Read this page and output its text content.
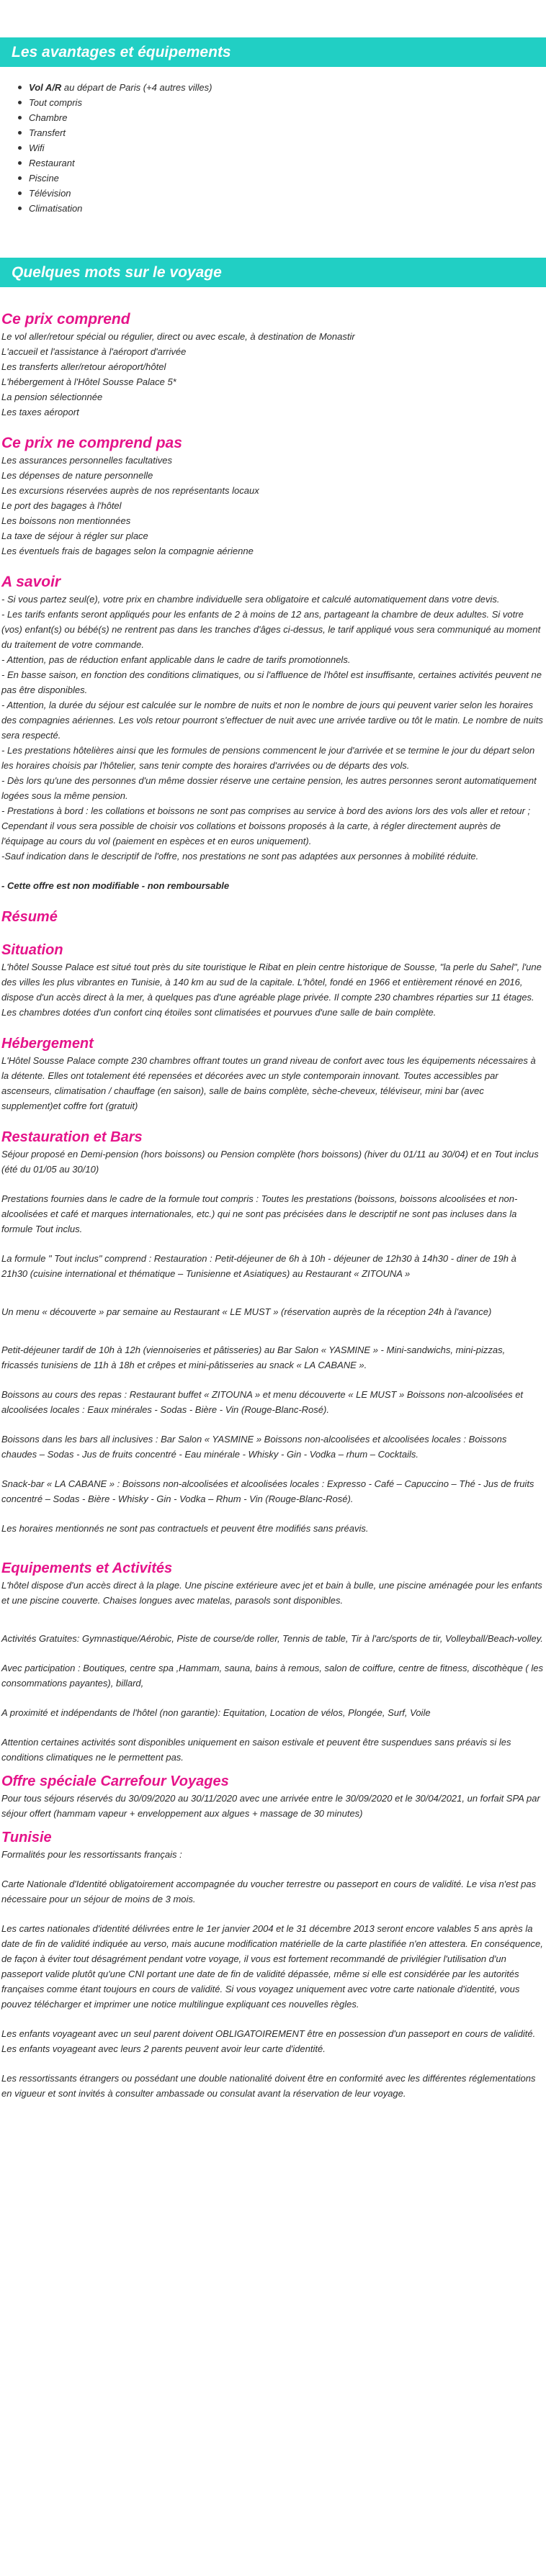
Les avantages et équipements
Vol A/R au départ de Paris (+4 autres villes)
Tout compris
Chambre
Transfert
Wifi
Restaurant
Piscine
Télévision
Climatisation
Quelques mots sur le voyage
Ce prix comprend

Le vol aller/retour spécial ou régulier, direct ou avec escale, à destination de Monastir

L'accueil et l'assistance à l'aéroport d'arrivée

Les transferts aller/retour aéroport/hôtel

L'hébergement à l'Hôtel Sousse Palace 5*

La pension sélectionnée

Les taxes aéroport

Ce prix ne comprend pas

Les assurances personnelles facultatives

Les dépenses de nature personnelle

Les excursions réservées auprès de nos représentants locaux

Le port des bagages à l'hôtel

Les boissons non mentionnées

La taxe de séjour à régler sur place

Les éventuels frais de bagages selon la compagnie aérienne

A savoir

- Si vous partez seul(e), votre prix en chambre individuelle sera obligatoire et calculé automatiquement dans votre devis.

- Les tarifs enfants seront appliqués pour les enfants de 2 à moins de 12 ans, partageant la chambre de deux adultes. Si votre (vos) enfant(s) ou bébé(s) ne rentrent pas dans les tranches d'âges ci-dessus, le tarif appliqué vous sera communiqué au moment du traitement de votre commande.

- Attention, pas de réduction enfant applicable dans le cadre de tarifs promotionnels.

- En basse saison, en fonction des conditions climatiques, ou si l'affluence de l'hôtel est insuffisante, certaines activités peuvent ne pas être disponibles.

- Attention, la durée du séjour est calculée sur le nombre de nuits et non le nombre de jours qui peuvent varier selon les horaires des compagnies aériennes. Les vols retour pourront s'effectuer de nuit avec une arrivée tardive ou tôt le matin. Le nombre de nuits sera respecté.

- Les prestations hôtelières ainsi que les formules de pensions commencent le jour d'arrivée et se termine le jour du départ selon les horaires choisis par l'hôtelier, sans tenir compte des horaires d'arrivées ou de départs des vols.

- Dès lors qu'une des personnes d'un même dossier réserve une certaine pension, les autres personnes seront automatiquement logées sous la même pension.

- Prestations à bord : les collations et boissons ne sont pas comprises au service à bord des avions lors des vols aller et retour ; Cependant il vous sera possible de choisir vos collations et boissons proposés à la carte, à régler directement auprès de l'équipage au cours du vol (paiement en espèces et en euros uniquement).

-Sauf indication dans le descriptif de l'offre, nos prestations ne sont pas adaptées aux personnes à mobilité réduite.

- Cette offre est non modifiable - non remboursable

Résumé
Situation

L'hôtel Sousse Palace est situé tout près du site touristique le Ribat en plein centre historique de Sousse, "la perle du Sahel", l'une des villes les plus vibrantes en Tunisie, à 140 km au sud de la capitale. L'hôtel, fondé en 1966 et entièrement rénové en 2016, dispose d'un accès direct à la mer, à quelques pas d'une agréable plage privée. Il compte 230 chambres réparties sur 11 étages. Les chambres dotées d'un confort cinq étoiles sont climatisées et pourvues d'une salle de bain complète.

Hébergement

L'Hôtel Sousse Palace compte 230 chambres offrant toutes un grand niveau de confort avec tous les équipements nécessaires à la détente. Elles ont totalement été repensées et décorées avec un style contemporain innovant. Toutes accessibles par ascenseurs, climatisation / chauffage (en saison), salle de bains complète, sèche-cheveux, téléviseur, mini bar (avec supplement)et coffre fort (gratuit)

Restauration et Bars

Séjour proposé en Demi-pension (hors boissons) ou Pension complète (hors boissons) (hiver du 01/11 au 30/04) et en Tout inclus (été du 01/05 au 30/10)

Prestations fournies dans le cadre de la formule tout compris : Toutes les prestations (boissons, boissons alcoolisées et non-alcoolisées et café et marques internationales, etc.) qui ne sont pas précisées dans le descriptif ne sont pas incluses dans la formule Tout inclus.

La formule " Tout inclus" comprend : Restauration : Petit-déjeuner de 6h à 10h - déjeuner de 12h30 à 14h30 - diner de 19h à 21h30 (cuisine international et thématique – Tunisienne et Asiatiques) au Restaurant « ZITOUNA »

Un menu « découverte » par semaine au Restaurant « LE MUST » (réservation auprès de la réception 24h à l'avance)

Petit-déjeuner tardif de 10h à 12h (viennoiseries et pâtisseries) au Bar Salon « YASMINE » - Mini-sandwichs, mini-pizzas, fricassés tunisiens de 11h à 18h et crêpes et mini-pâtisseries au snack « LA CABANE ».

Boissons au cours des repas : Restaurant buffet « ZITOUNA » et menu découverte « LE MUST » Boissons non-alcoolisées et alcoolisées locales : Eaux minérales - Sodas - Bière - Vin (Rouge-Blanc-Rosé).

Boissons dans les bars all inclusives : Bar Salon « YASMINE » Boissons non-alcoolisées et alcoolisées locales : Boissons chaudes – Sodas - Jus de fruits concentré - Eau minérale - Whisky - Gin - Vodka – rhum – Cocktails.

Snack-bar « LA CABANE » : Boissons non-alcoolisées et alcoolisées locales : Expresso - Café – Capuccino – Thé - Jus de fruits concentré – Sodas - Bière - Whisky - Gin - Vodka – Rhum - Vin (Rouge-Blanc-Rosé).

Les horaires mentionnés ne sont pas contractuels et peuvent être modifiés sans préavis.

Equipements et Activités

L'hôtel dispose d'un accès direct à la plage. Une piscine extérieure avec jet et bain à bulle, une piscine aménagée pour les enfants et une piscine couverte. Chaises longues avec matelas, parasols sont disponibles.

Activités Gratuites: Gymnastique/Aérobic, Piste de course/de roller, Tennis de table, Tir à l'arc/sports de tir, Volleyball/Beach-volley.

Avec participation : Boutiques, centre spa ,Hammam, sauna, bains à remous, salon de coiffure, centre de fitness, discothèque ( les consommations payantes), billard,

A proximité et indépendants de l'hôtel (non garantie): Equitation, Location de vélos, Plongée, Surf, Voile

Attention certaines activités sont disponibles uniquement en saison estivale et peuvent être suspendues sans préavis si les conditions climatiques ne le permettent pas.

Offre spéciale Carrefour Voyages

Pour tous séjours réservés du 30/09/2020 au 30/11/2020 avec une arrivée entre le 30/09/2020 et le 30/04/2021, un forfait SPA par séjour offert (hammam vapeur + enveloppement aux algues + massage de 30 minutes)

Tunisie

Formalités pour les ressortissants français :

Carte Nationale d'Identité obligatoirement accompagnée du voucher terrestre ou passeport en cours de validité. Le visa n'est pas nécessaire pour un séjour de moins de 3 mois.

Les cartes nationales d'identité délivrées entre le 1er janvier 2004 et le 31 décembre 2013 seront encore valables 5 ans après la date de fin de validité indiquée au verso, mais aucune modification matérielle de la carte plastifiée n'en attestera. En conséquence, de façon à éviter tout désagrément pendant votre voyage, il vous est fortement recommandé de privilégier l'utilisation d'un passeport valide plutôt qu'une CNI portant une date de fin de validité dépassée, même si elle est considérée par les autorités françaises comme étant toujours en cours de validité. Si vous voyagez uniquement avec votre carte nationale d'identité, vous pouvez télécharger et imprimer une notice multilingue expliquant ces nouvelles règles.

Les enfants voyageant avec un seul parent doivent OBLIGATOIREMENT être en possession d'un passeport en cours de validité. Les enfants voyageant avec leurs 2 parents peuvent avoir leur carte d'identité.

Les ressortissants étrangers ou possédant une double nationalité doivent être en conformité avec les différentes réglementations en vigueur et sont invités à consulter ambassade ou consulat avant la réservation de leur voyage.
